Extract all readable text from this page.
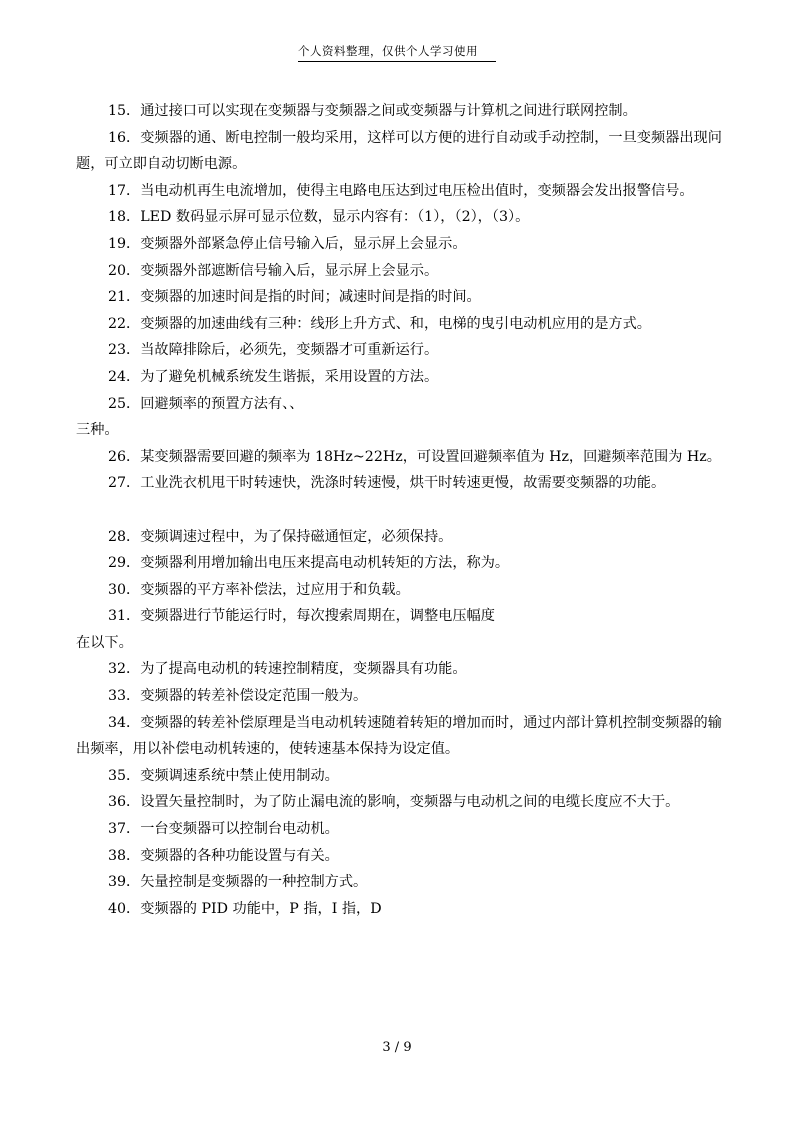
个人资料整理，仅供个人学习使用

15．通过接口可以实现在变频器与变频器之间或变频器与计算机之间进行联网控制。

16．变频器的通、断电控制一般均采用，这样可以方便的进行自动或手动控制，一旦变频器出现问题，可立即自动切断电源。

17．当电动机再生电流增加，使得主电路电压达到过电压检出值时，变频器会发出报警信号。

18．LED 数码显示屏可显示位数，显示内容有：（1），（2），（3）。

19．变频器外部紧急停止信号输入后，显示屏上会显示。

20．变频器外部遮断信号输入后，显示屏上会显示。

21．变频器的加速时间是指的时间；减速时间是指的时间。

22．变频器的加速曲线有三种：线形上升方式、和，电梯的曳引电动机应用的是方式。

23．当故障排除后，必须先，变频器才可重新运行。

24．为了避免机械系统发生谐振，采用设置的方法。

25．回避频率的预置方法有、、

三种。

26．某变频器需要回避的频率为 18Hz~22Hz，可设置回避频率值为 Hz，回避频率范围为 Hz。

27．工业洗衣机甩干时转速快，洗涤时转速慢，烘干时转速更慢，故需要变频器的功能。

28．变频调速过程中，为了保持磁通恒定，必须保持。

29．变频器利用增加输出电压来提高电动机转矩的方法，称为。

30．变频器的平方率补偿法，过应用于和负载。

31．变频器进行节能运行时，每次搜索周期在，调整电压幅度

在以下。

32．为了提高电动机的转速控制精度，变频器具有功能。

33．变频器的转差补偿设定范围一般为。

34．变频器的转差补偿原理是当电动机转速随着转矩的增加而时，通过内部计算机控制变频器的输出频率，用以补偿电动机转速的，使转速基本保持为设定值。

35．变频调速系统中禁止使用制动。

36．设置矢量控制时，为了防止漏电流的影响，变频器与电动机之间的电缆长度应不大于。

37．一台变频器可以控制台电动机。

38．变频器的各种功能设置与有关。

39．矢量控制是变频器的一种控制方式。

40．变频器的 PID 功能中，P 指，I 指，D

3 / 9
